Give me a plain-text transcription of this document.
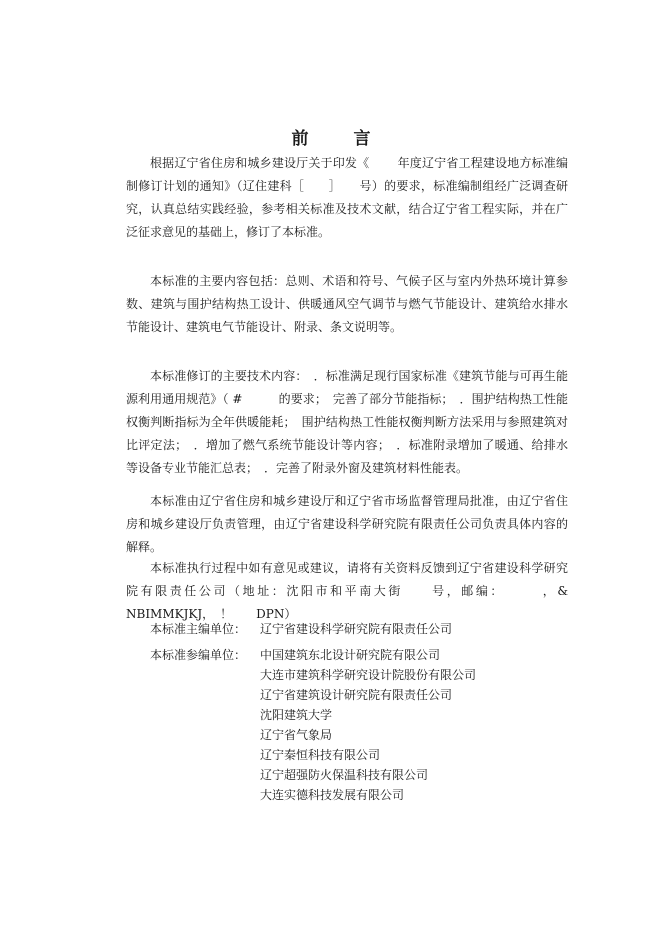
前　言

根据辽宁省住房和城乡建设厅关于印发《　　 年度辽宁省工程建设地方标准编制修订计划的通知》（辽住建科［　　］　　号）的要求，标准编制组经广泛调查研究，认真总结实践经验，参考相关标准及技术文献，结合辽宁省工程实际，并在广泛征求意见的基础上，修订了本标准。

本标准的主要内容包括：总则、术语和符号、气候子区与室内外热环境计算参数、建筑与围护结构热工设计、供暖通风空气调节与燃气节能设计、建筑给水排水节能设计、建筑电气节能设计、附录、条文说明等。

本标准修订的主要技术内容：　．标准满足现行国家标准《建筑节能与可再生能源利用通用规范》（ #　　　的要求；　完善了部分节能指标；　．围护结构热工性能权衡判断指标为全年供暖能耗；　围护结构热工性能权衡判断方法采用与参照建筑对比评定法；　．增加了燃气系统节能设计等内容；　．标准附录增加了暖通、给排水等设备专业节能汇总表；　．完善了附录外窗及建筑材料性能表。

本标准由辽宁省住房和城乡建设厅和辽宁省市场监督管理局批准，由辽宁省住房和城乡建设厅负责管理，由辽宁省建设科学研究院有限责任公司负责具体内容的解释。

本标准执行过程中如有意见或建议，请将有关资料反馈到辽宁省建设科学研究院有限责任公司（地址：沈阳市和平南大街　　号，邮编：　　　，& NBIMMKJKJ，　！　　DPN）

本标准主编单位：	辽宁省建设科学研究院有限责任公司
本标准参编单位：	中国建筑东北设计研究院有限公司
大连市建筑科学研究设计院股份有限公司
辽宁省建筑设计研究院有限责任公司
沈阳建筑大学
辽宁省气象局
辽宁秦恒科技有限公司
辽宁超强防火保温科技有限公司
大连实德科技发展有限公司
